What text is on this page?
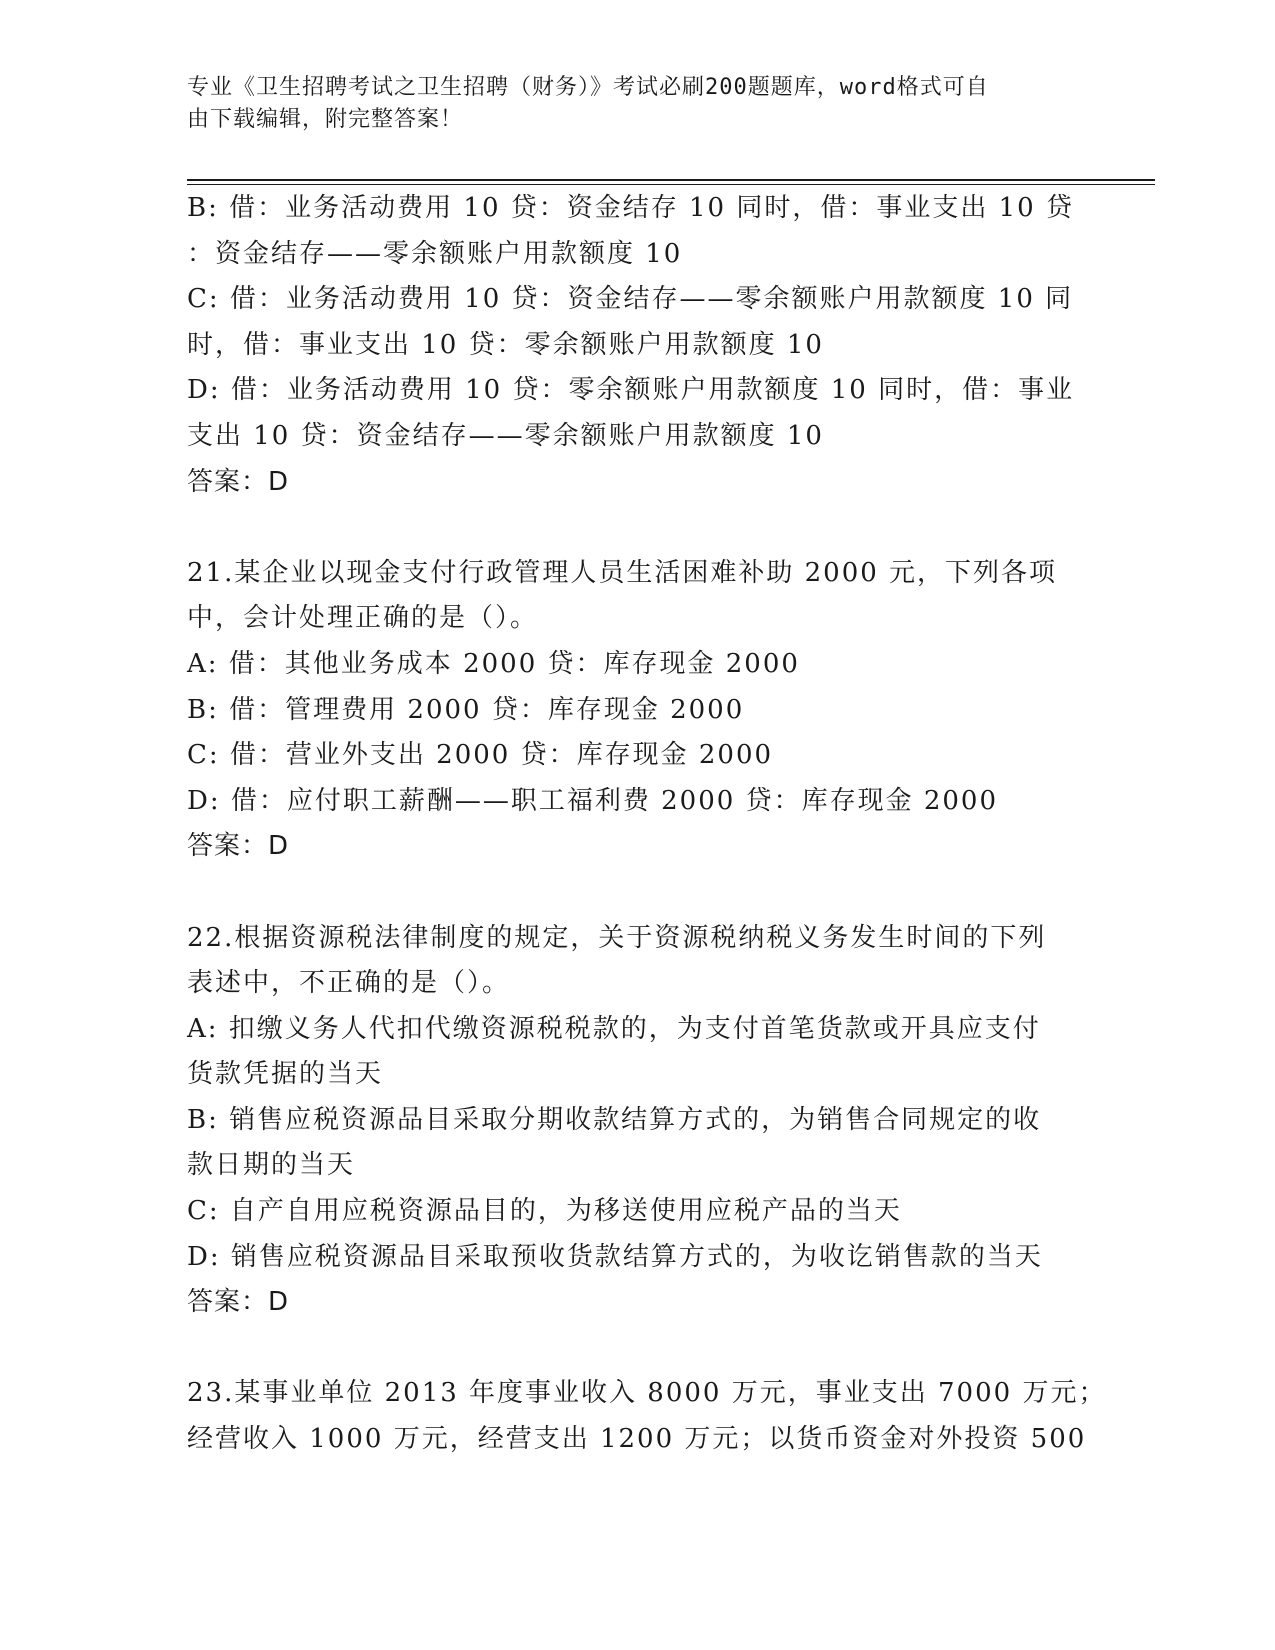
专业《卫生招聘考试之卫生招聘（财务）》考试必刷200题题库，word格式可自
由下载编辑，附完整答案！
B: 借：业务活动费用 10 贷：资金结存 10 同时，借：事业支出 10 贷
：资金结存——零余额账户用款额度 10
C: 借：业务活动费用 10 贷：资金结存——零余额账户用款额度 10 同
时，借：事业支出 10 贷：零余额账户用款额度 10
D: 借：业务活动费用 10 贷：零余额账户用款额度 10 同时，借：事业
支出 10 贷：资金结存——零余额账户用款额度 10
答案：D
21.某企业以现金支付行政管理人员生活困难补助 2000 元，下列各项
中，会计处理正确的是（）。
A: 借：其他业务成本 2000 贷：库存现金 2000
B: 借：管理费用 2000 贷：库存现金 2000
C: 借：营业外支出 2000 贷：库存现金 2000
D: 借：应付职工薪酬——职工福利费 2000 贷：库存现金 2000
答案：D
22.根据资源税法律制度的规定，关于资源税纳税义务发生时间的下列
表述中，不正确的是（）。
A: 扣缴义务人代扣代缴资源税税款的，为支付首笔货款或开具应支付
货款凭据的当天
B: 销售应税资源品目采取分期收款结算方式的，为销售合同规定的收
款日期的当天
C: 自产自用应税资源品目的，为移送使用应税产品的当天
D: 销售应税资源品目采取预收货款结算方式的，为收讫销售款的当天
答案：D
23.某事业单位 2013 年度事业收入 8000 万元，事业支出 7000 万元；
经营收入 1000 万元，经营支出 1200 万元；以货币资金对外投资 500
